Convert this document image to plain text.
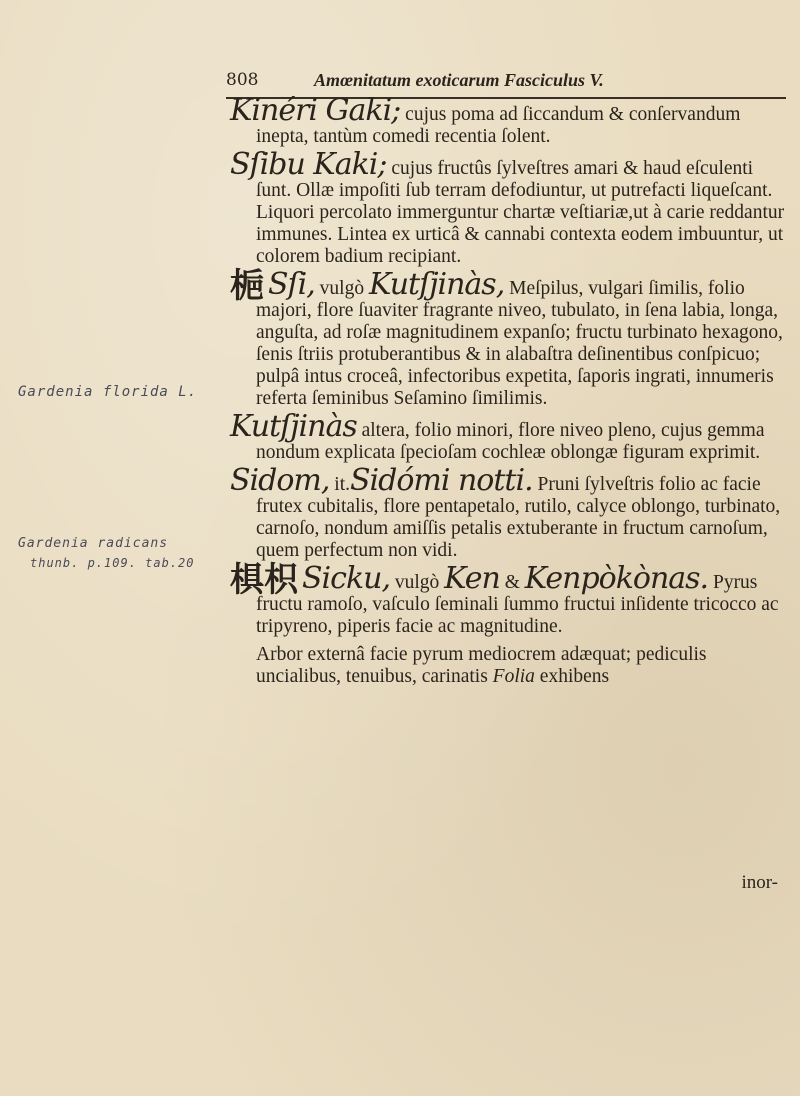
808	Amœnitatum exoticarum Fasciculus V.
Gardenia florida L.
Gardenia radicans
thunb. p.109. tab.20

Kinéri Gaki; cujus poma ad ſiccandum & conſervandum inepta, tantùm comedi recentia ſolent.

Sſibu Kaki; cujus fructûs ſylveſtres amari & haud eſculenti ſunt. Ollæ impoſiti ſub terram defodiuntur, ut putrefacti liqueſcant. Liquori percolato immerguntur chartæ veſtiariæ,ut à carie reddantur immunes. Lintea ex urticâ & cannabi contexta eodem imbuuntur, ut colorem badium recipiant.

梔 Sſi, vulgò Kutſjinàs, Meſpilus, vulgari ſimilis, folio majori, flore ſuaviter fragrante niveo, tubulato, in ſena labia, longa, anguſta, ad roſæ magnitudinem expanſo; fructu turbinato hexagono, ſenis ſtriis protuberantibus & in alabaſtra deſinentibus conſpicuo; pulpâ intus croceâ, infectoribus expetita, ſaporis ingrati, innumeris referta ſeminibus Seſamino ſimilimis.

Kutſjinàs altera, folio minori, flore niveo pleno, cujus gemma nondum explicata ſpecioſam cochleæ oblongæ figuram exprimit.

Sidom, it.Sidómi notti. Pruni ſylveſtris folio ac facie frutex cubitalis, flore pentapetalo, rutilo, calyce oblongo, turbinato, carnoſo, nondum amiſſis petalis extuberante in fructum carnoſum, quem perfectum non vidi.

椇枳 Sicku, vulgò Ken & Kenpòkònas. Pyrus fructu ramoſo, vaſculo ſeminali ſummo fructui inſidente tricocco ac tripyreno, piperis facie ac magnitudine.

Arbor externâ facie pyrum mediocrem adæquat; pediculis uncialibus, tenuibus, carinatis Folia exhibens

inor-
